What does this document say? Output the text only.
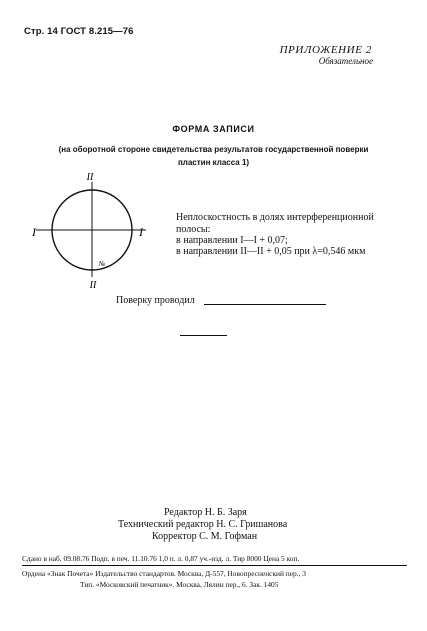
Стр. 14 ГОСТ 8.215—76
ПРИЛОЖЕНИЕ 2
Обязательное
ФОРМА ЗАПИСИ
(на оборотной стороне свидетельства результатов государственной поверки
пластин класса 1)
II
II
I	I
№
Неплоскостность в долях интерференционной
полосы:
в направлении I—I + 0,07;
в направлении II—II + 0,05 при λ=0,546 мкм
Поверку проводил
Редактор Н. Б. Заря
Технический редактор Н. С. Гришанова
Корректор С. М. Гофман
Сдано в наб. 09.08.76 Подп. в печ. 11.10.76 1,0 п. л. 0,87 уч.-изд. л. Тир 8000 Цена 5 коп.
Ордена «Знак Почета» Издательство стандартов. Москва, Д-557, Новопресненский пер., 3
Тип. «Московский печатник». Москва, Лялин пер., 6. Зак. 1405
